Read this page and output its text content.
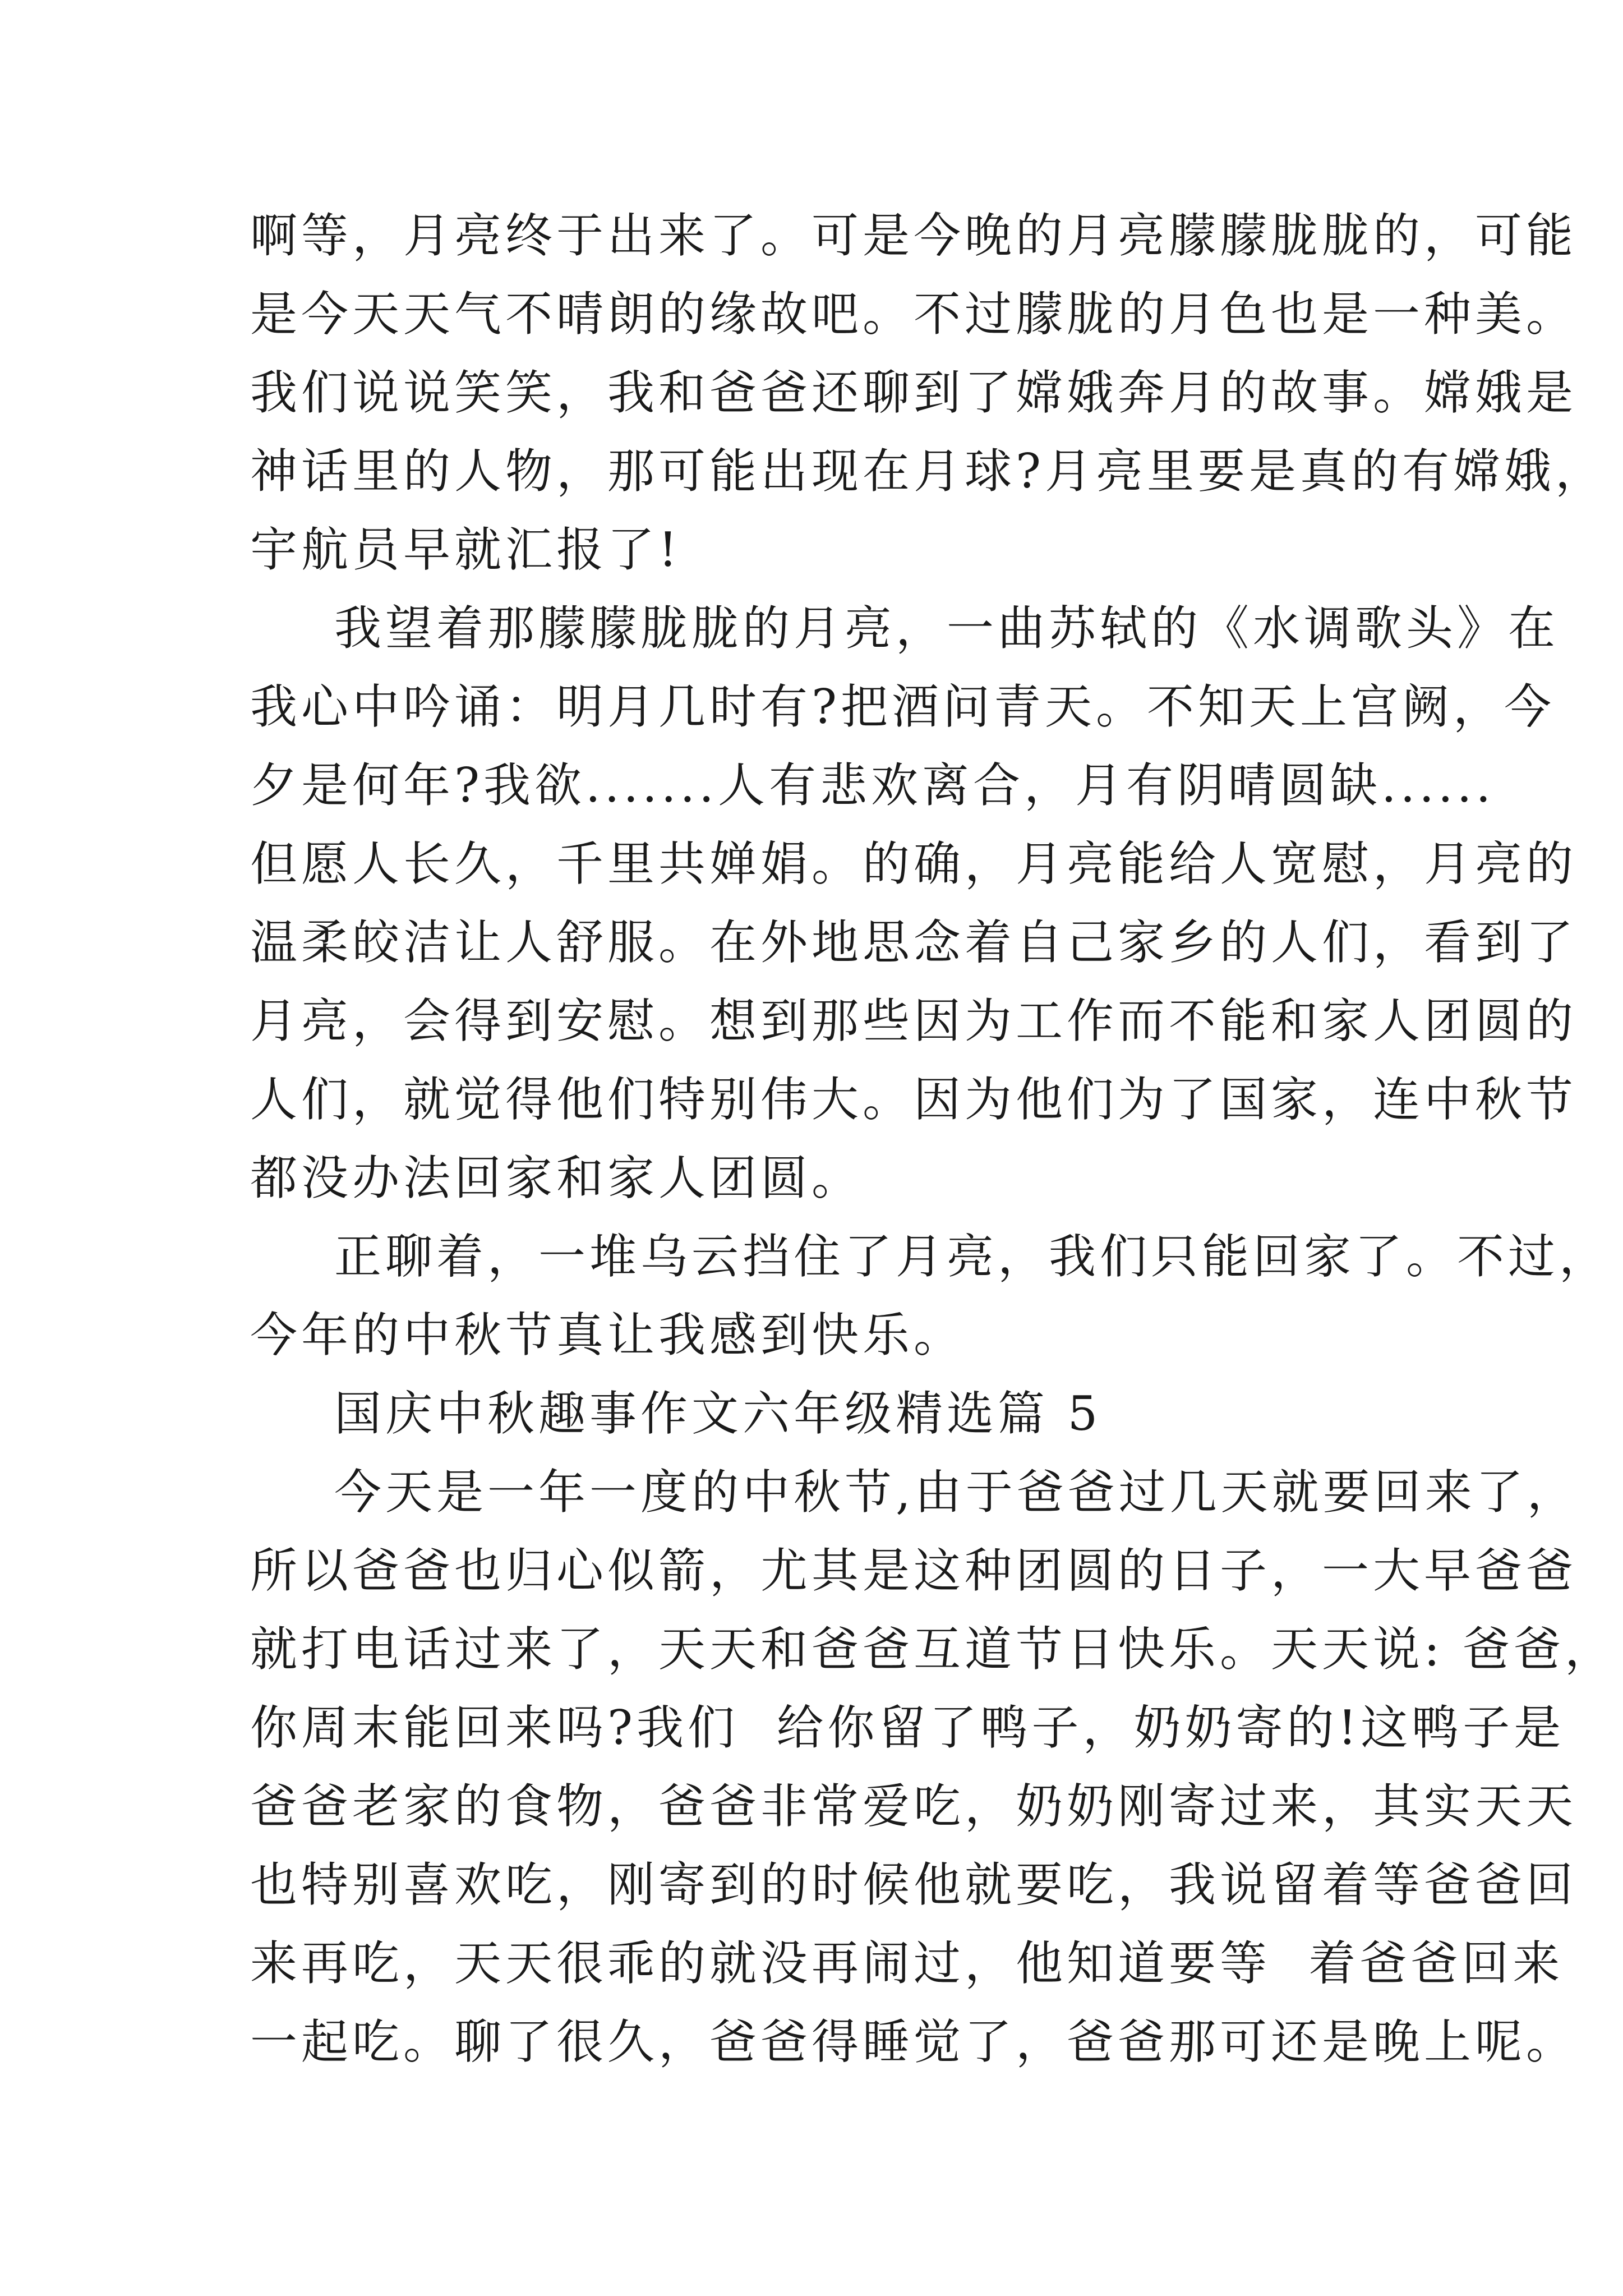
啊等，月亮终于出来了。可是今晚的月亮朦朦胧胧的，可能
是今天天气不晴朗的缘故吧。不过朦胧的月色也是一种美。
我们说说笑笑，我和爸爸还聊到了嫦娥奔月的故事。嫦娥是
神话里的人物，那可能出现在月球?月亮里要是真的有嫦娥，
宇航员早就汇报了!
我望着那朦朦胧胧的月亮，一曲苏轼的《水调歌头》在
我心中吟诵：明月几时有?把酒问青天。不知天上宫阙，今
夕是何年?我欲.......人有悲欢离合，月有阴晴圆缺......
但愿人长久，千里共婵娟。的确，月亮能给人宽慰，月亮的
温柔皎洁让人舒服。在外地思念着自己家乡的人们，看到了
月亮，会得到安慰。想到那些因为工作而不能和家人团圆的
人们，就觉得他们特别伟大。因为他们为了国家，连中秋节
都没办法回家和家人团圆。
正聊着，一堆乌云挡住了月亮，我们只能回家了。不过，
今年的中秋节真让我感到快乐。
国庆中秋趣事作文六年级精选篇 5
今天是一年一度的中秋节,由于爸爸过几天就要回来了，
所以爸爸也归心似箭，尤其是这种团圆的日子，一大早爸爸
就打电话过来了，天天和爸爸互道节日快乐。天天说: 爸爸，
你周末能回来吗?我们  给你留了鸭子，奶奶寄的!这鸭子是
爸爸老家的食物，爸爸非常爱吃，奶奶刚寄过来，其实天天
也特别喜欢吃，刚寄到的时候他就要吃，我说留着等爸爸回
来再吃，天天很乖的就没再闹过，他知道要等  着爸爸回来
一起吃。聊了很久，爸爸得睡觉了，爸爸那可还是晚上呢。
